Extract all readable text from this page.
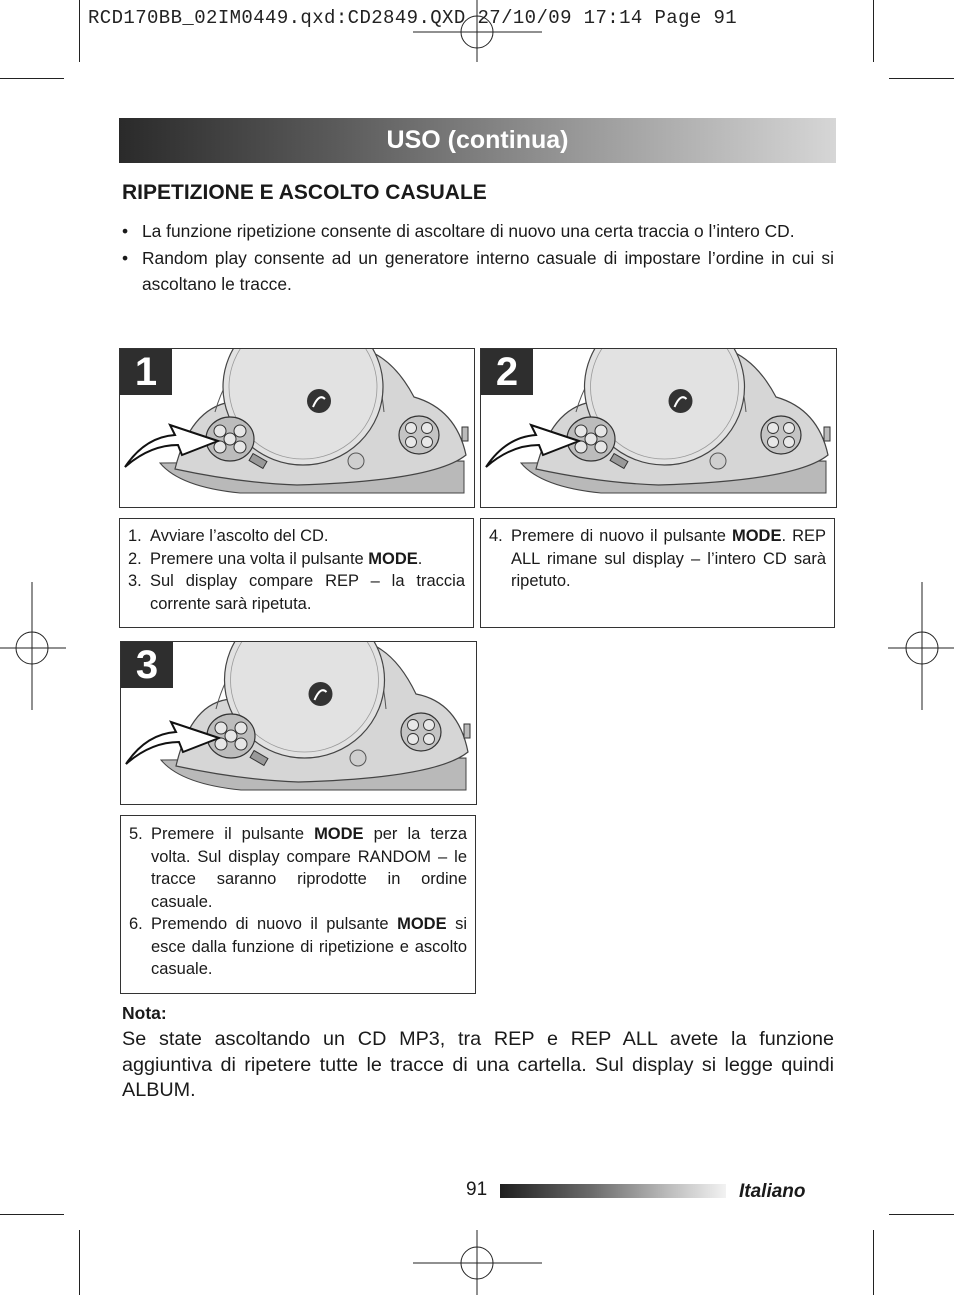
RCD170BB_02IM0449.qxd:CD2849.QXD 27/10/09 17:14 Page 91
USO (continua)
RIPETIZIONE E ASCOLTO CASUALE
• La funzione ripetizione consente di ascoltare di nuovo una certa traccia o l’intero CD.
• Random play consente ad un generatore interno casuale di impostare l’ordine in cui si ascoltano le tracce.
1	2
3
1. Avviare l’ascolto del CD.
2. Premere una volta il pulsante MODE.
3. Sul display compare REP – la traccia corrente sarà ripetuta.
4. Premere di nuovo il pulsante MODE. REP ALL rimane sul display – l’intero CD sarà ripetuto.
5. Premere il pulsante MODE per la terza volta. Sul display compare RANDOM – le tracce saranno riprodotte in ordine casuale.
6. Premendo di nuovo il pulsante MODE si esce dalla funzione di ripetizione e ascolto casuale.
Nota:
Se state ascoltando un CD MP3, tra REP e REP ALL avete la funzione aggiuntiva di ripetere tutte le tracce di una cartella. Sul display si legge quindi ALBUM.
91	Italiano
